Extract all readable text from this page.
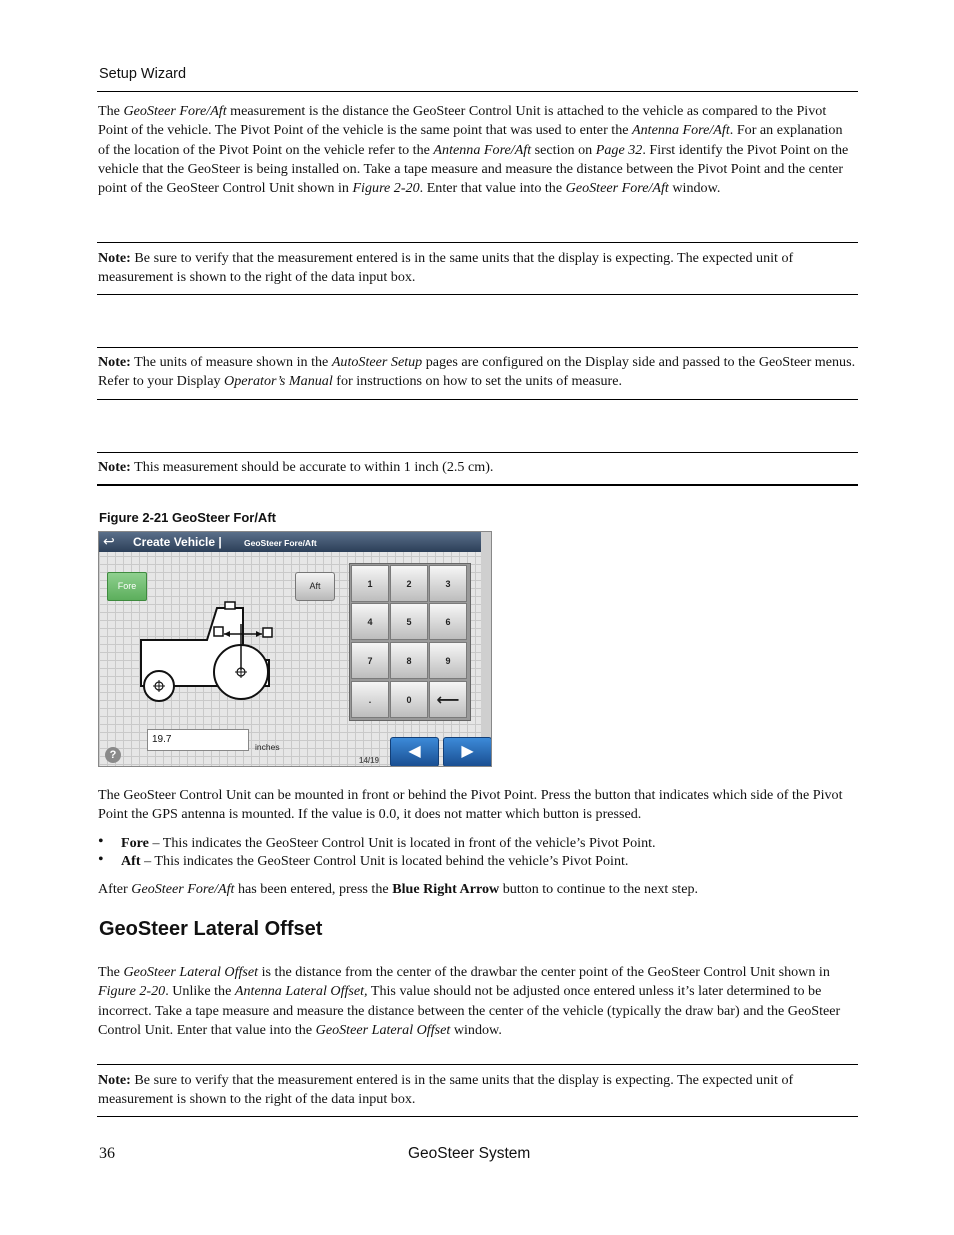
Setup Wizard

The GeoSteer Fore/Aft measurement is the distance the GeoSteer Control Unit is attached to the vehicle as compared to the Pivot Point of the vehicle. The Pivot Point of the vehicle is the same point that was used to enter the Antenna Fore/Aft. For an explanation of the location of the Pivot Point on the vehicle refer to the Antenna Fore/Aft section on Page 32. First identify the Pivot Point on the vehicle that the GeoSteer is being installed on. Take a tape measure and measure the distance between the Pivot Point and the center point of the GeoSteer Control Unit shown in Figure 2-20. Enter that value into the GeoSteer Fore/Aft window.

Note: Be sure to verify that the measurement entered is in the same units that the display is expecting. The expected unit of measurement is shown to the right of the data input box.

Note: The units of measure shown in the AutoSteer Setup pages are configured on the Display side and passed to the GeoSteer menus. Refer to your Display Operator’s Manual for instructions on how to set the units of measure.

Note: This measurement should be accurate to within 1 inch (2.5 cm).

Figure 2-21 GeoSteer For/Aft
↩ Create Vehicle |	GeoSteer Fore/Aft
Fore	Aft	1	2	3
4	5	6
7	8	9
.	0	⟵
19.7
inches
?	14/19
◀	▶

The GeoSteer Control Unit can be mounted in front or behind the Pivot Point. Press the button that indicates which side of the Pivot Point the GPS antenna is mounted. If the value is 0.0, it does not matter which button is pressed.

• Fore – This indicates the GeoSteer Control Unit is located in front of the vehicle’s Pivot Point.
• Aft – This indicates the GeoSteer Control Unit is located behind the vehicle’s Pivot Point.

After GeoSteer Fore/Aft has been entered, press the Blue Right Arrow button to continue to the next step.

GeoSteer Lateral Offset

The GeoSteer Lateral Offset is the distance from the center of the drawbar the center point of the GeoSteer Control Unit shown in Figure 2-20. Unlike the Antenna Lateral Offset, This value should not be adjusted once entered unless it’s later determined to be incorrect. Take a tape measure and measure the distance between the center of the vehicle (typically the draw bar) and the GeoSteer Control Unit. Enter that value into the GeoSteer Lateral Offset window.

Note: Be sure to verify that the measurement entered is in the same units that the display is expecting. The expected unit of measurement is shown to the right of the data input box.

36	GeoSteer System
